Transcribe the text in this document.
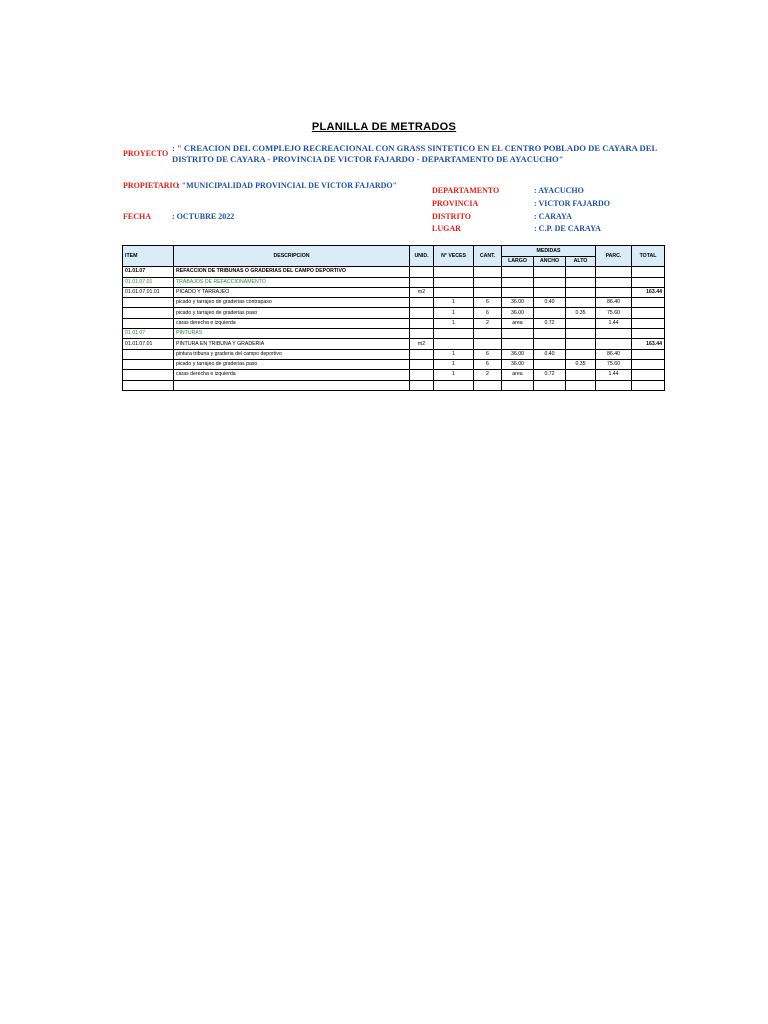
PLANILLA DE METRADOS
PROYECTO
: " CREACION DEL COMPLEJO RECREACIONAL CON GRASS SINTETICO EN EL CENTRO POBLADO DE CAYARA DEL DISTRITO DE CAYARA - PROVINCIA DE VICTOR FAJARDO - DEPARTAMENTO DE AYACUCHO"
PROPIETARIO
: "MUNICIPALIDAD PROVINCIAL DE VICTOR FAJARDO"
FECHA	: OCTUBRE 2022
DEPARTAMENTO	: AYACUCHO
PROVINCIA	: VICTOR FAJARDO
DISTRITO	: CARAYA
LUGAR	: C.P. DE CARAYA
ITEM	DESCRIPCION	UNID.	N° VECES	CANT.	MEDIDAS			PARC.	TOTAL
					LARGO	ANCHO	ALTO		
01.01.07	REFACCION DE TRIBUNAS O GRADERIAS DEL CAMPO DEPORTIVO								
01.01.07.01	TRABAJOS DE REFACCIONAMENTO								
01.01.07.01.01	PICADO Y TARRAJEO	m2							163.44
	picado y tarrajeo de graderias contrapaso		1	6	36.00	0.40		86.40	
	picado y tarrajeo de graderias paso		1	6	36.00		0.35	75.60	
	caras derecha e izquierda		1	2	area	0.72		1.44	
01.01.07	PINTURAS								
01.01.07.01	PINTURA EN TRIBUNA Y GRADERIA	m2							163.44
	pintura tribuna y graderia del campo deportivo		1	6	36.00	0.40		86.40	
	picado y tarrajeo de graderias paso		1	6	36.00		0.35	75.60	
	caras derecha e izquierda		1	2	area	0.72		1.44	
